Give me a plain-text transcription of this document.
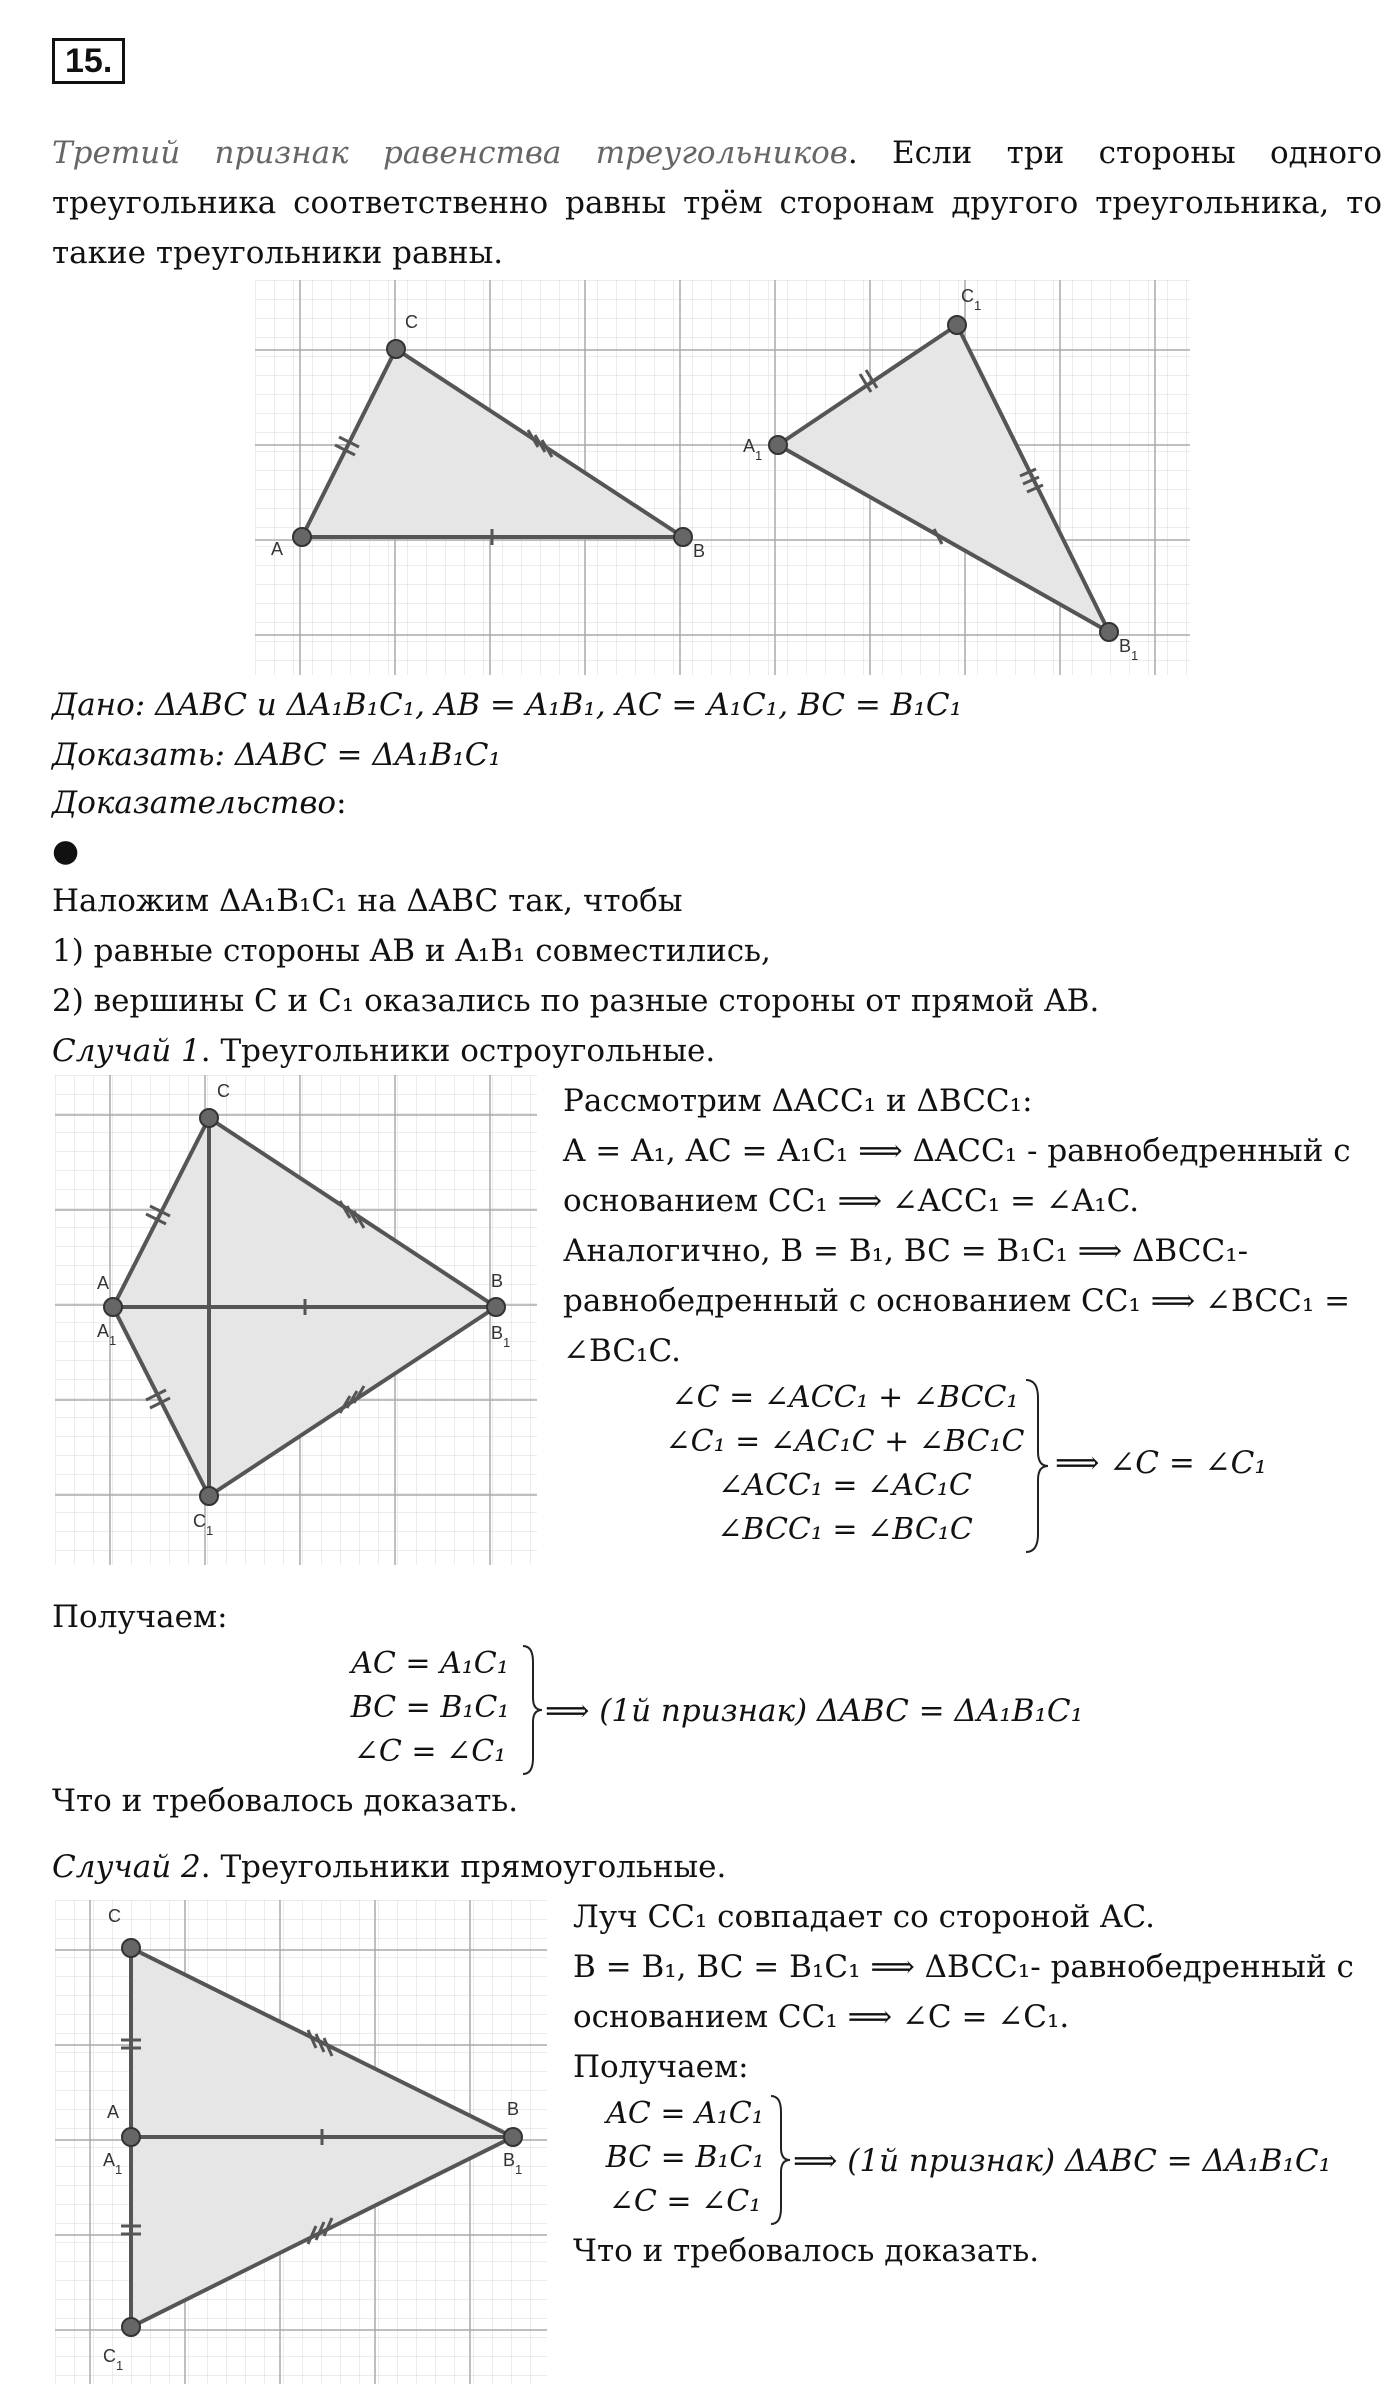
15.
Третий признак равенства треугольников. Если три стороны одного треугольника соответственно равны трём сторонам другого треугольника, то такие треугольники равны.
A
C
B
$A_1$
$C_1$
$B_1$
Дано: ΔABC и ΔA₁B₁C₁, AB = A₁B₁, AC = A₁C₁, BC = B₁C₁
Доказать: ΔABC = ΔA₁B₁C₁
Доказательство:
●
Наложим ΔA₁B₁C₁ на ΔABC так, чтобы
1) равные стороны AB и A₁B₁ совместились,
2) вершины C и C₁ оказались по разные стороны от прямой AB.
Случай 1. Треугольники остроугольные.
C
A
$A_1$
B
$B_1$
$C_1$
Рассмотрим ΔACC₁ и ΔBCC₁:
A = A₁, AC = A₁C₁ ⟹ ΔACC₁ - равнобедренный с
основанием CC₁ ⟹ ∠ACC₁ = ∠A₁C.
Аналогично, B = B₁, BC = B₁C₁ ⟹ ΔBCC₁-
равнобедренный с основанием CC₁ ⟹ ∠BCC₁ =
∠BC₁C.
∠C = ∠ACC₁ + ∠BCC₁
∠C₁ = ∠AC₁C + ∠BC₁C
∠ACC₁ = ∠AC₁C
∠BCC₁ = ∠BC₁C
⟹ ∠C = ∠C₁
Получаем:
AC = A₁C₁
BC = B₁C₁
∠C = ∠C₁
⟹ (1й признак) ΔABC = ΔA₁B₁C₁
Что и требовалось доказать.
Случай 2. Треугольники прямоугольные.
C
A
$A_1$
B
$B_1$
$C_1$
Луч CC₁ совпадает со стороной AC.
B = B₁, BC = B₁C₁ ⟹ ΔBCC₁- равнобедренный с
основанием CC₁ ⟹ ∠C = ∠C₁.
Получаем:
AC = A₁C₁
BC = B₁C₁
∠C = ∠C₁
⟹ (1й признак) ΔABC = ΔA₁B₁C₁
Что и требовалось доказать.
